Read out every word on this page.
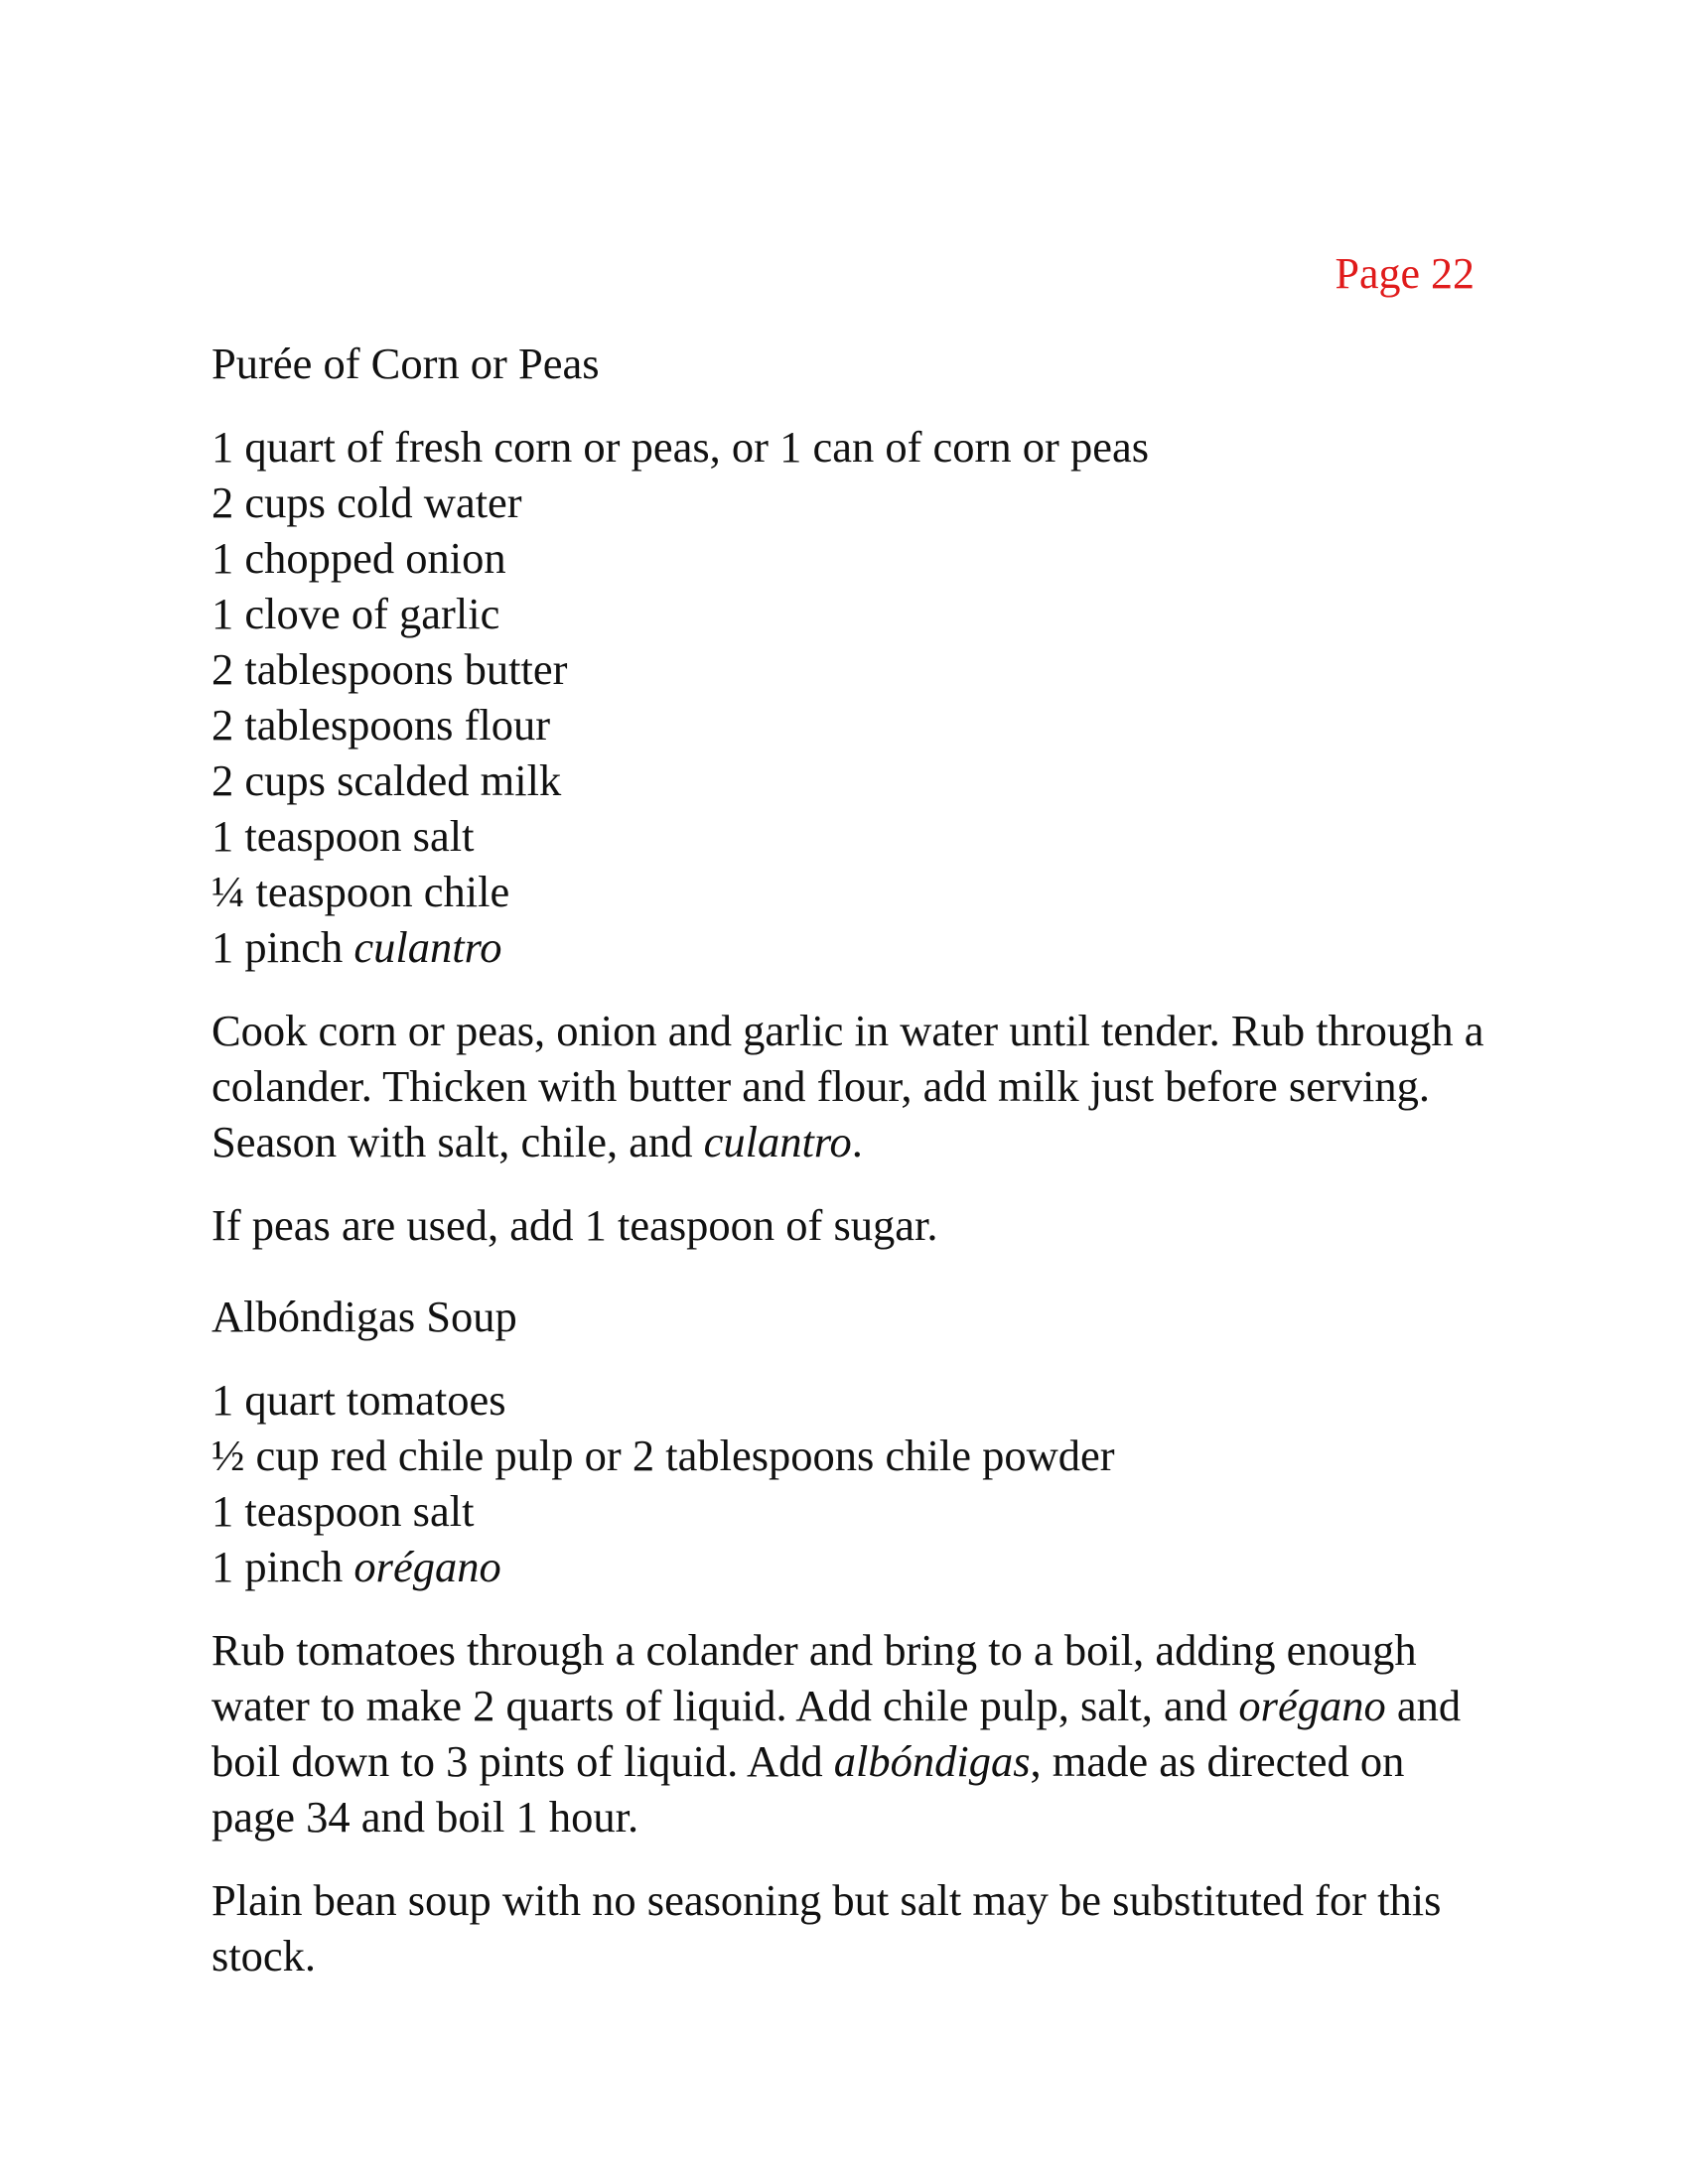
Page 22

Purée of Corn or Peas
1 quart of fresh corn or peas, or 1 can of corn or peas
2 cups cold water
1 chopped onion
1 clove of garlic
2 tablespoons butter
2 tablespoons flour
2 cups scalded milk
1 teaspoon salt
¼ teaspoon chile
1 pinch culantro

Cook corn or peas, onion and garlic in water until tender. Rub through a colander. Thicken with butter and flour, add milk just before serving. Season with salt, chile, and culantro.

If peas are used, add 1 teaspoon of sugar.

Albóndigas Soup
1 quart tomatoes
½ cup red chile pulp or 2 tablespoons chile powder
1 teaspoon salt
1 pinch orégano

Rub tomatoes through a colander and bring to a boil, adding enough water to make 2 quarts of liquid. Add chile pulp, salt, and orégano and boil down to 3 pints of liquid. Add albóndigas, made as directed on page 34 and boil 1 hour.

Plain bean soup with no seasoning but salt may be substituted for this stock.
